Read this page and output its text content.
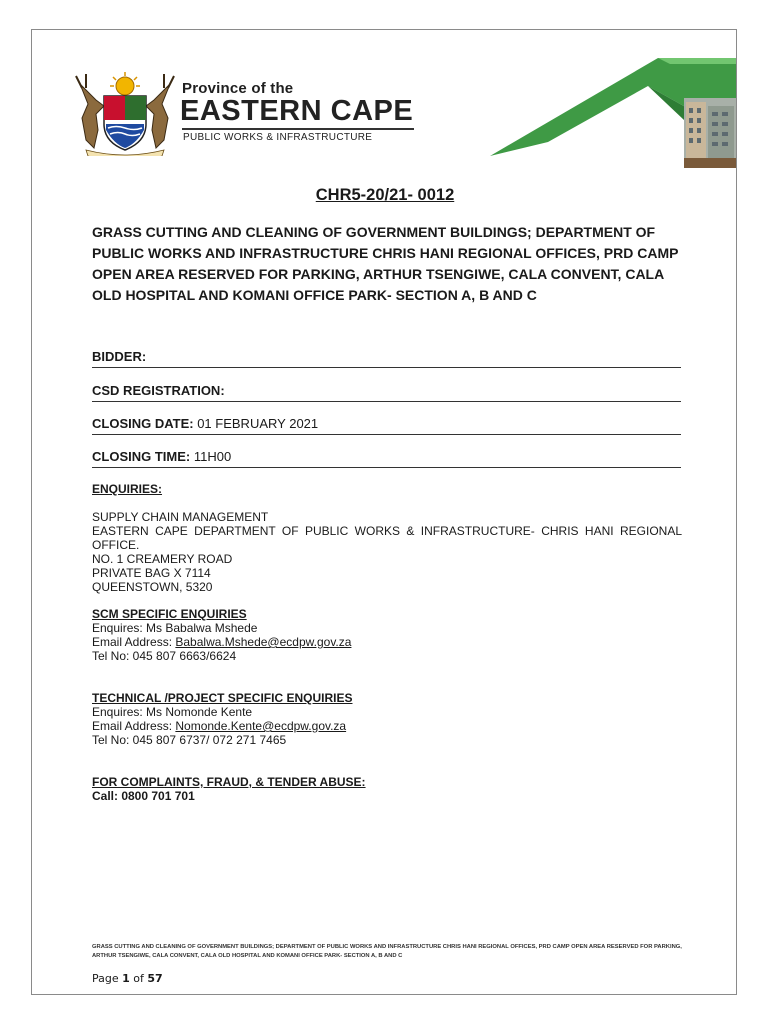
Province of the
EASTERN CAPE
PUBLIC WORKS & INFRASTRUCTURE
CHR5-20/21- 0012

GRASS CUTTING AND CLEANING OF GOVERNMENT BUILDINGS; DEPARTMENT OF PUBLIC WORKS AND INFRASTRUCTURE CHRIS HANI REGIONAL OFFICES, PRD CAMP OPEN AREA RESERVED FOR PARKING, ARTHUR TSENGIWE, CALA CONVENT, CALA OLD HOSPITAL AND KOMANI OFFICE PARK- SECTION A, B AND C

BIDDER:
CSD REGISTRATION:
CLOSING DATE: 01 FEBRUARY 2021
CLOSING TIME: 11H00
ENQUIRIES:
SUPPLY CHAIN MANAGEMENT
EASTERN CAPE DEPARTMENT OF PUBLIC WORKS & INFRASTRUCTURE- CHRIS HANI REGIONAL OFFICE.
NO. 1 CREAMERY ROAD
PRIVATE BAG X 7114
QUEENSTOWN, 5320
SCM SPECIFIC ENQUIRIES
Enquires: Ms Babalwa Mshede
Email Address: Babalwa.Mshede@ecdpw.gov.za
Tel No: 045 807 6663/6624
TECHNICAL /PROJECT SPECIFIC ENQUIRIES
Enquires: Ms Nomonde Kente
Email Address: Nomonde.Kente@ecdpw.gov.za
Tel No: 045 807 6737/ 072 271 7465
FOR COMPLAINTS, FRAUD, & TENDER ABUSE:
Call: 0800 701 701
GRASS CUTTING AND CLEANING OF GOVERNMENT BUILDINGS; DEPARTMENT OF PUBLIC WORKS AND INFRASTRUCTURE CHRIS HANI REGIONAL OFFICES, PRD CAMP OPEN AREA RESERVED FOR PARKING, ARTHUR TSENGIWE, CALA CONVENT, CALA OLD HOSPITAL AND KOMANI OFFICE PARK- SECTION A, B AND C
Page 1 of 57
